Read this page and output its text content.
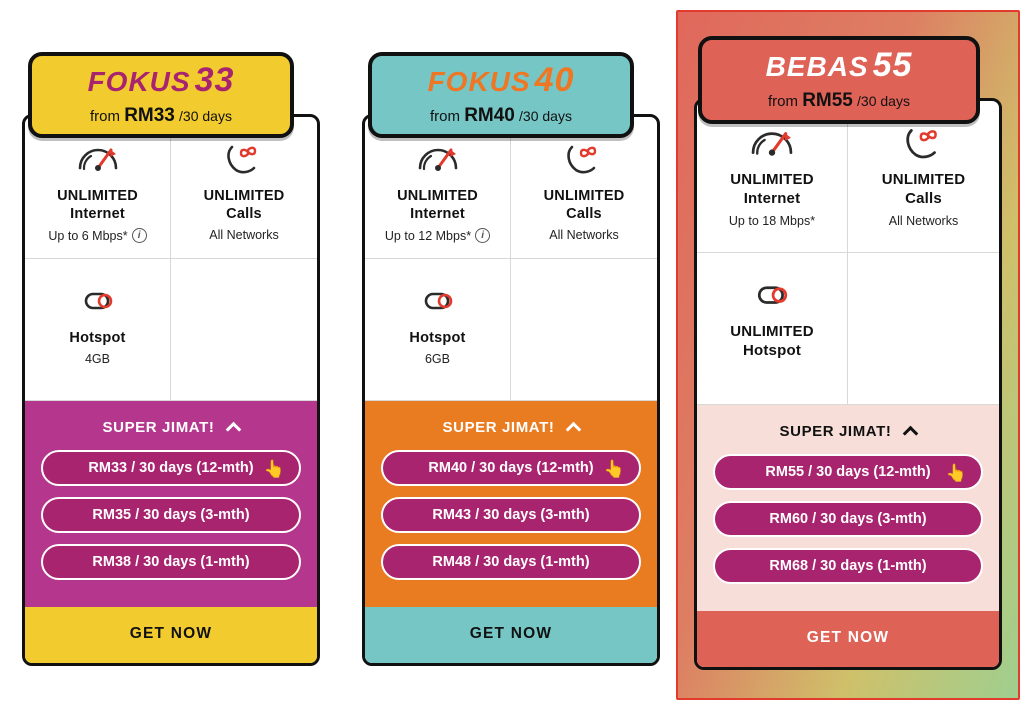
FOKUS 33
from RM33 /30 days
UNLIMITED
Internet
Up to 6 Mbps*	i
UNLIMITED
Calls
All Networks
Hotspot
4GB
SUPER JIMAT!
RM33 / 30 days (12-mth) 👆
RM35 / 30 days (3-mth)
RM38 / 30 days (1-mth)
GET NOW
FOKUS 40
from RM40 /30 days
UNLIMITED
Internet
Up to 12 Mbps*	i
UNLIMITED
Calls
All Networks
Hotspot
6GB
SUPER JIMAT!
RM40 / 30 days (12-mth) 👆
RM43 / 30 days (3-mth)
RM48 / 30 days (1-mth)
GET NOW
BEBAS 55
from RM55 /30 days
UNLIMITED
Internet
Up to 18 Mbps*
UNLIMITED
Calls
All Networks
UNLIMITED
Hotspot
SUPER JIMAT!
RM55 / 30 days (12-mth) 👆
RM60 / 30 days (3-mth)
RM68 / 30 days (1-mth)
GET NOW
